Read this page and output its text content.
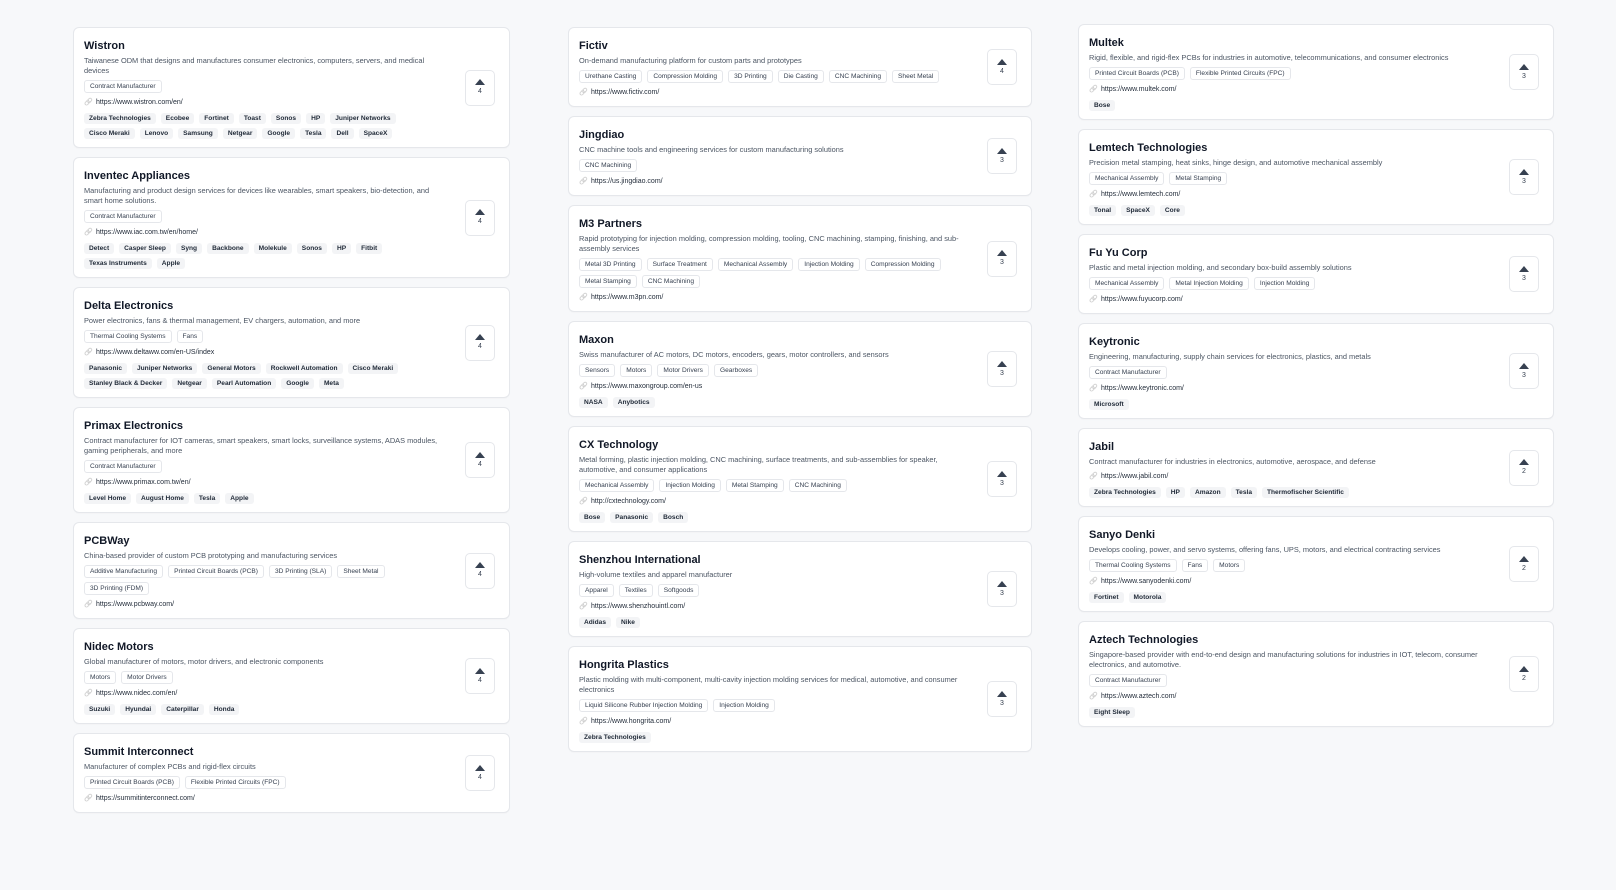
Wistron
Taiwanese ODM that designs and manufactures consumer electronics, computers, servers, and medical devices
Contract Manufacturer
🔗 https://www.wistron.com/en/
Zebra Technologies	Ecobee	Fortinet	Toast	Sonos	HP	Juniper Networks
Cisco Meraki	Lenovo	Samsung	Netgear	Google	Tesla	Dell	SpaceX
4
Inventec Appliances
Manufacturing and product design services for devices like wearables, smart speakers, bio-detection, and smart home solutions.
Contract Manufacturer
🔗 https://www.iac.com.tw/en/home/
Detect	Casper Sleep	Syng	Backbone	Molekule	Sonos	HP	Fitbit
Texas Instruments	Apple
4
Delta Electronics
Power electronics, fans & thermal management, EV chargers, automation, and more
Thermal Cooling Systems	Fans
🔗 https://www.deltaww.com/en-US/index
Panasonic	Juniper Networks	General Motors	Rockwell Automation	Cisco Meraki
Stanley Black & Decker	Netgear	Pearl Automation	Google	Meta
4
Primax Electronics
Contract manufacturer for IOT cameras, smart speakers, smart locks, surveillance systems, ADAS modules, gaming peripherals, and more
Contract Manufacturer
🔗 https://www.primax.com.tw/en/
Level Home	August Home	Tesla	Apple
4
PCBWay
China-based provider of custom PCB prototyping and manufacturing services
Additive Manufacturing	Printed Circuit Boards (PCB)	3D Printing (SLA)	Sheet Metal
3D Printing (FDM)
🔗 https://www.pcbway.com/
4
Nidec Motors
Global manufacturer of motors, motor drivers, and electronic components
Motors	Motor Drivers
🔗 https://www.nidec.com/en/
Suzuki	Hyundai	Caterpillar	Honda
4
Summit Interconnect
Manufacturer of complex PCBs and rigid-flex circuits
Printed Circuit Boards (PCB)	Flexible Printed Circuits (FPC)
🔗 https://summitinterconnect.com/
4
Fictiv
On-demand manufacturing platform for custom parts and prototypes
Urethane Casting	Compression Molding	3D Printing	Die Casting	CNC Machining	Sheet Metal
🔗 https://www.fictiv.com/
4
Jingdiao
CNC machine tools and engineering services for custom manufacturing solutions
CNC Machining
🔗 https://us.jingdiao.com/
3
M3 Partners
Rapid prototyping for injection molding, compression molding, tooling, CNC machining, stamping, finishing, and sub-assembly services
Metal 3D Printing	Surface Treatment	Mechanical Assembly	Injection Molding	Compression Molding
Metal Stamping	CNC Machining
🔗 https://www.m3pn.com/
3
Maxon
Swiss manufacturer of AC motors, DC motors, encoders, gears, motor controllers, and sensors
Sensors	Motors	Motor Drivers	Gearboxes
🔗 https://www.maxongroup.com/en-us
NASA	Anybotics
3
CX Technology
Metal forming, plastic injection molding, CNC machining, surface treatments, and sub-assemblies for speaker, automotive, and consumer applications
Mechanical Assembly	Injection Molding	Metal Stamping	CNC Machining
🔗 http://cxtechnology.com/
Bose	Panasonic	Bosch
3
Shenzhou International
High-volume textiles and apparel manufacturer
Apparel	Textiles	Softgoods
🔗 https://www.shenzhouintl.com/
Adidas	Nike
3
Hongrita Plastics
Plastic molding with multi-component, multi-cavity injection molding services for medical, automotive, and consumer electronics
Liquid Silicone Rubber Injection Molding	Injection Molding
🔗 https://www.hongrita.com/
Zebra Technologies
3
Multek
Rigid, flexible, and rigid-flex PCBs for industries in automotive, telecommunications, and consumer electronics
Printed Circuit Boards (PCB)	Flexible Printed Circuits (FPC)
🔗 https://www.multek.com/
Bose
3
Lemtech Technologies
Precision metal stamping, heat sinks, hinge design, and automotive mechanical assembly
Mechanical Assembly	Metal Stamping
🔗 https://www.lemtech.com/
Tonal	SpaceX	Core
3
Fu Yu Corp
Plastic and metal injection molding, and secondary box-build assembly solutions
Mechanical Assembly	Metal Injection Molding	Injection Molding
🔗 https://www.fuyucorp.com/
3
Keytronic
Engineering, manufacturing, supply chain services for electronics, plastics, and metals
Contract Manufacturer
🔗 https://www.keytronic.com/
Microsoft
3
Jabil
Contract manufacturer for industries in electronics, automotive, aerospace, and defense
🔗 https://www.jabil.com/
Zebra Technologies	HP	Amazon	Tesla	Thermofischer Scientific
2
Sanyo Denki
Develops cooling, power, and servo systems, offering fans, UPS, motors, and electrical contracting services
Thermal Cooling Systems	Fans	Motors
🔗 https://www.sanyodenki.com/
Fortinet	Motorola
2
Aztech Technologies
Singapore-based provider with end-to-end design and manufacturing solutions for industries in IOT, telecom, consumer electronics, and automotive.
Contract Manufacturer
🔗 https://www.aztech.com/
Eight Sleep
2
